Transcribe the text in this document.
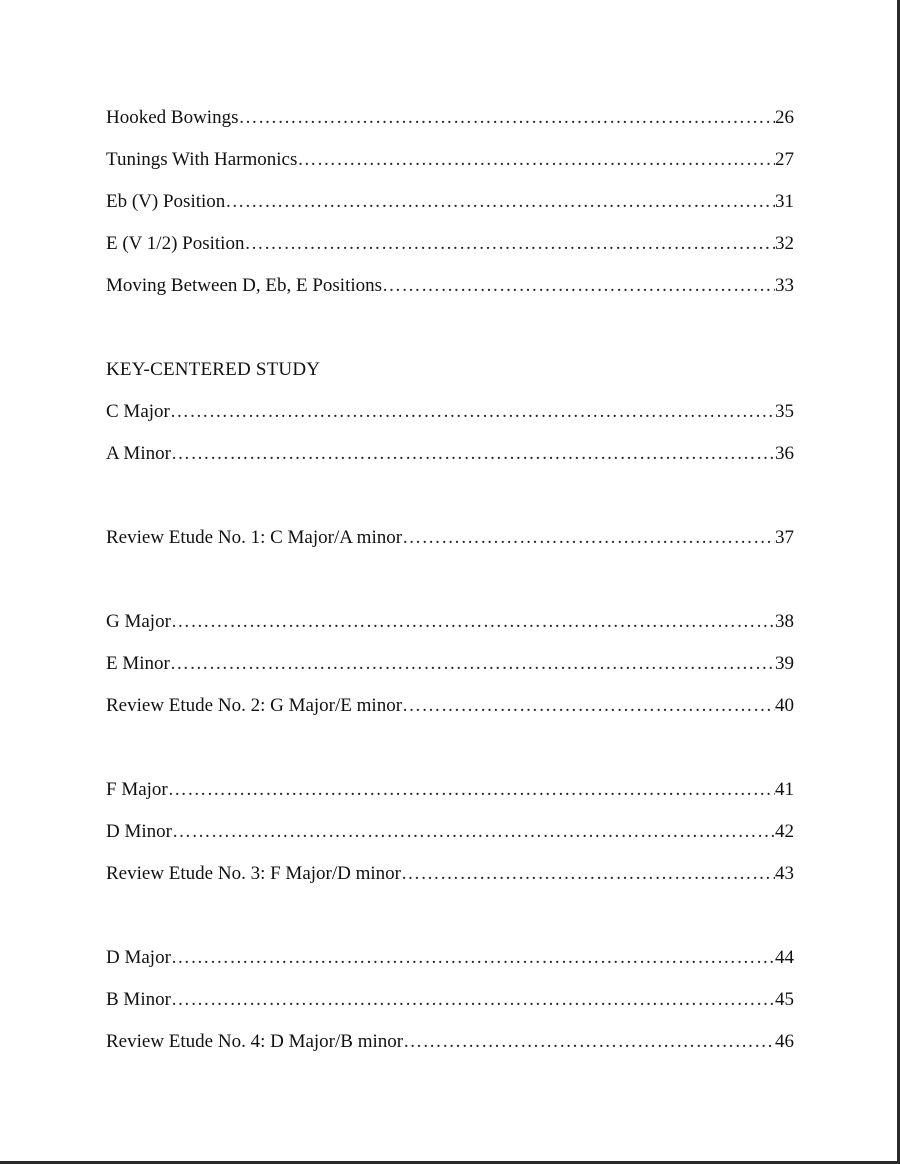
Hooked Bowings ……………………………………………………………………………………………………………………………………………………………………………………………………	26
Tunings With Harmonics ……………………………………………………………………………………………………………………………………………………………………………………………………	27
Eb (V) Position ……………………………………………………………………………………………………………………………………………………………………………………………………	31
E (V 1/2) Position ……………………………………………………………………………………………………………………………………………………………………………………………………	32
Moving Between D, Eb, E Positions ……………………………………………………………………………………………………………………………………………………………………………………………………	33
KEY-CENTERED STUDY
C Major ……………………………………………………………………………………………………………………………………………………………………………………………………	35
A Minor ……………………………………………………………………………………………………………………………………………………………………………………………………	36
Review Etude No. 1: C Major/A minor ……………………………………………………………………………………………………………………………………………………………………………………………………	37
G Major ……………………………………………………………………………………………………………………………………………………………………………………………………	38
E Minor ……………………………………………………………………………………………………………………………………………………………………………………………………	39
Review Etude No. 2: G Major/E minor ……………………………………………………………………………………………………………………………………………………………………………………………………	40
F Major ……………………………………………………………………………………………………………………………………………………………………………………………………	41
D Minor ……………………………………………………………………………………………………………………………………………………………………………………………………	42
Review Etude No. 3: F Major/D minor ……………………………………………………………………………………………………………………………………………………………………………………………………	43
D Major ……………………………………………………………………………………………………………………………………………………………………………………………………	44
B Minor ……………………………………………………………………………………………………………………………………………………………………………………………………	45
Review Etude No. 4: D Major/B minor ……………………………………………………………………………………………………………………………………………………………………………………………………	46
